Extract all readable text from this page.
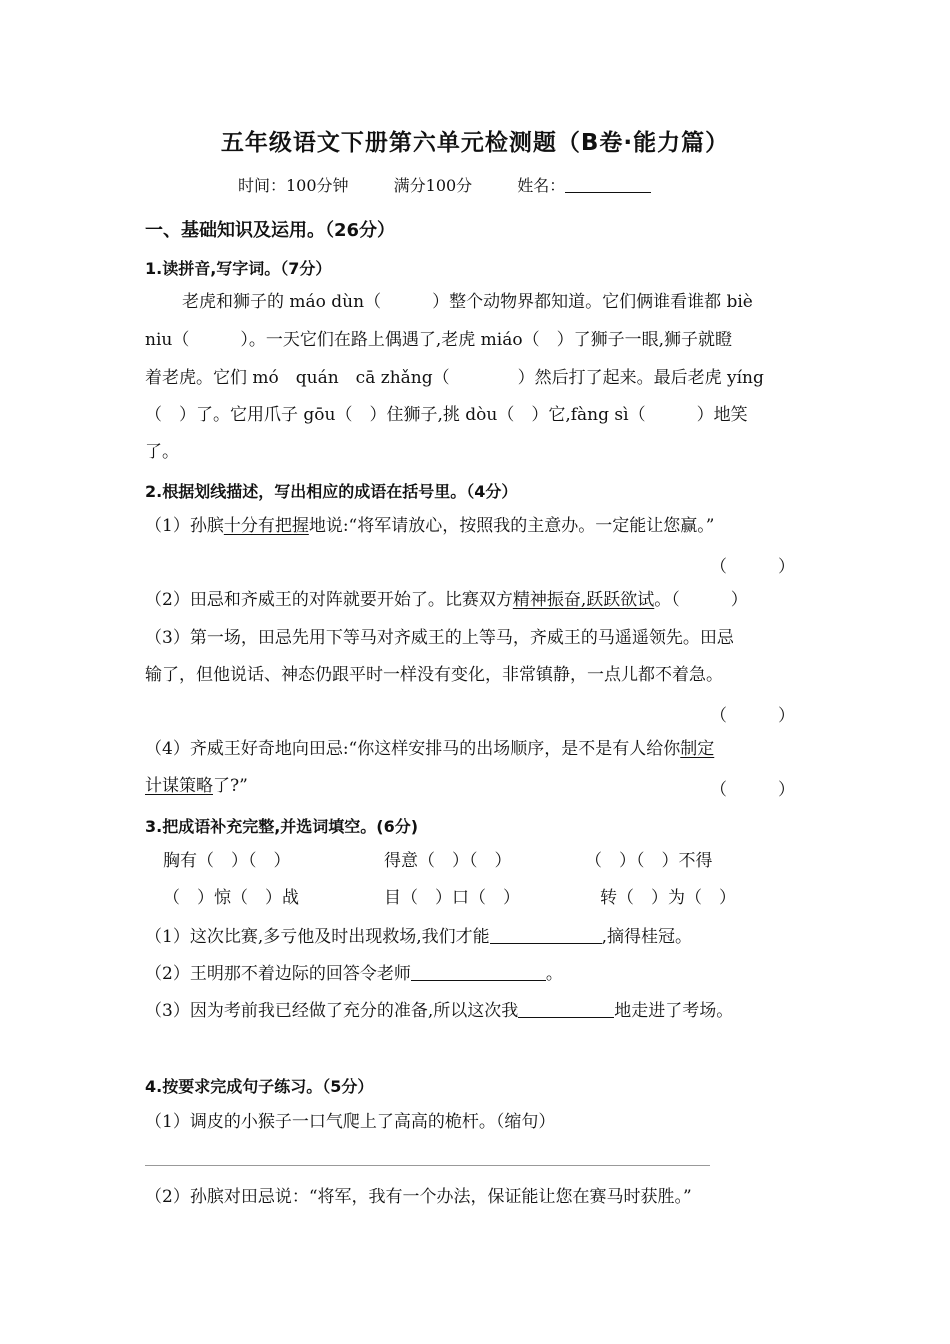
五年级语文下册第六单元检测题（B卷·能力篇）
时间：100分钟	满分100分	姓名：
一、基础知识及运用。（26分）
1.读拼音,写字词。（7分）
老虎和狮子的 máo dùn（　　　）整个动物界都知道。它们俩谁看谁都 biè
niu（　　　）。一天它们在路上偶遇了,老虎 miáo（　）了狮子一眼,狮子就瞪
着老虎。它们 mó　quán　cā zhǎng（　　　　）然后打了起来。最后老虎 yíng
（　）了。它用爪子 gōu（　）住狮子,挑 dòu（　）它,fàng sì（　　　）地笑
了。
2.根据划线描述，写出相应的成语在括号里。（4分）
（1）孙膑十分有把握地说:“将军请放心，按照我的主意办。一定能让您赢。”
（　　　）
（2）田忌和齐威王的对阵就要开始了。比赛双方精神振奋,跃跃欲试。（　　　）
（3）第一场，田忌先用下等马对齐威王的上等马，齐威王的马遥遥领先。田忌
输了，但他说话、神态仍跟平时一样没有变化，非常镇静，一点儿都不着急。
（　　　）
（4）齐威王好奇地向田忌:“你这样安排马的出场顺序，是不是有人给你制定
计谋策略了?”	（　　　）
3.把成语补充完整,并选词填空。(6分)
胸有（　）（　）	得意（　）（　）	（　）（　）不得
（　）惊（　）战	目（　）口（　）	转（　）为（　）
（1）这次比赛,多亏他及时出现救场,我们才能	,摘得桂冠。
（2）王明那不着边际的回答令老师	。
（3）因为考前我已经做了充分的准备,所以这次我	地走进了考场。
4.按要求完成句子练习。（5分）
（1）调皮的小猴子一口气爬上了高高的桅杆。（缩句）
（2）孙膑对田忌说：“将军，我有一个办法，保证能让您在赛马时获胜。”
